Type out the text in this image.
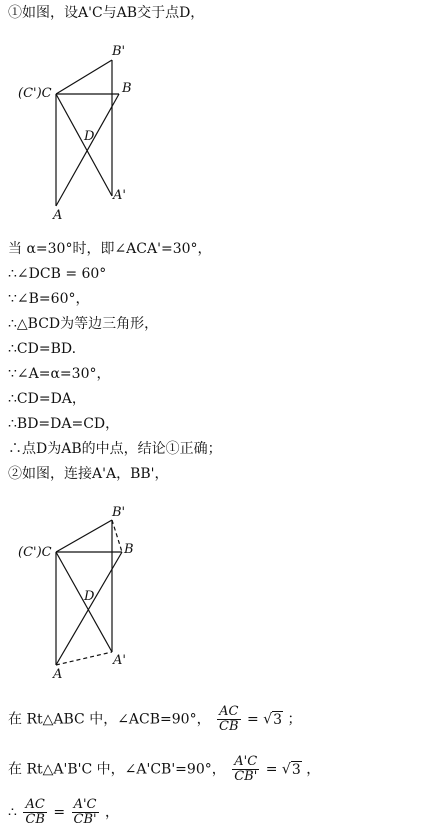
①如图，设A'C与AB交于点D，
B'
(C')C	B
D
A'
A
当 α=30°时，即∠ACA'=30°，
∴∠DCB = 60°
∵∠B=60°，
∴△BCD为等边三角形，
∴CD=BD.
∵∠A=α=30°，
∴CD=DA，
∴BD=DA=CD，
∴点D为AB的中点，结论①正确；
②如图，连接A'A，BB'，
B'
(C')C	B
D
A'
A
在 Rt△ABC 中，∠ACB=90°， $\frac{AC}{CB} = √3$ ；
在 Rt△A'B'C 中，∠A'CB'=90°， $\frac{A'C}{CB'} = √3$ ，
∴ $\frac{AC}{CB} = \frac{A'C}{CB'}$ ，
